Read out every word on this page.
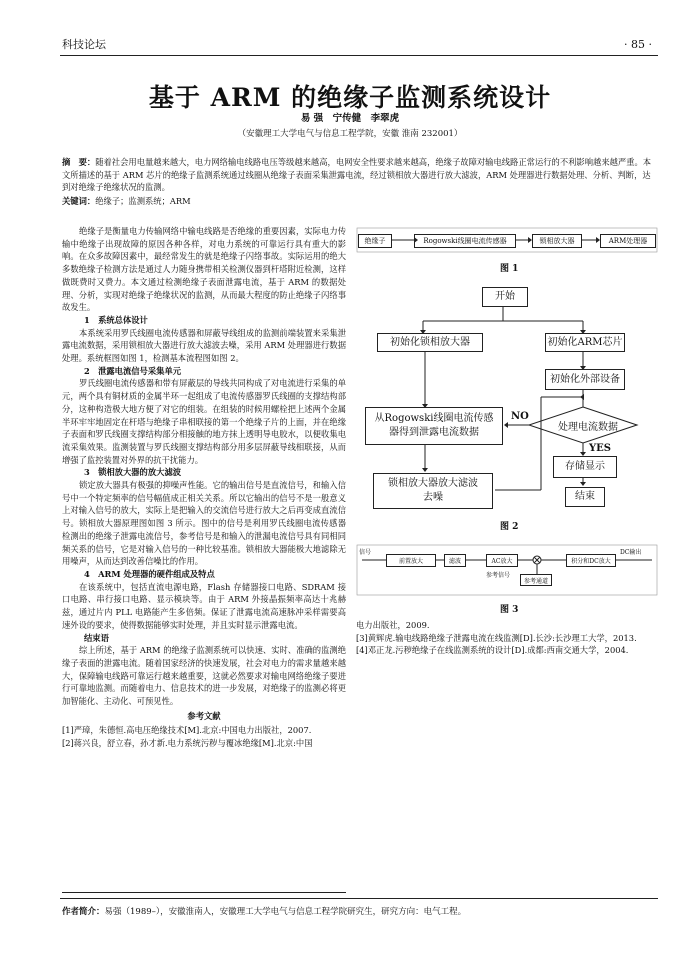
科技论坛	· 85 ·
基于 ARM 的绝缘子监测系统设计
易 强　宁传健　李翠虎
（安徽理工大学电气与信息工程学院，安徽 淮南 232001）
摘　要：随着社会用电量越来越大，电力网络输电线路电压等级越来越高，电网安全性要求越来越高，绝缘子故障对输电线路正常运行的不利影响越来越严重。本文所描述的基于 ARM 芯片的绝缘子监测系统通过线圈从绝缘子表面采集泄露电流，经过锁相放大器进行放大滤波，ARM 处理器进行数据处理、分析、判断，达到对绝缘子绝缘状况的监测。
关键词：绝缘子；监测系统；ARM

绝缘子是衡量电力传输网络中输电线路是否绝缘的重要因素，实际电力传输中绝缘子出现故障的原因各种各样，对电力系统的可靠运行具有重大的影响。在众多故障因素中，最经常发生的就是绝缘子闪络事故。实际运用的绝大多数绝缘子检测方法是通过人力随身携带相关检测仪器到杆塔附近检测，这样做既费时又费力。本文通过检测绝缘子表面泄露电流，基于 ARM 的数据处理、分析，实现对绝缘子绝缘状况的监测，从而最大程度的防止绝缘子闪络事故发生。

1　系统总体设计

本系统采用罗氏线圈电流传感器和屏蔽导线组成的监测前端装置来采集泄露电流数据，采用锁相放大器进行放大滤波去噪，采用 ARM 处理器进行数据处理。系统框图如图 1，检测基本流程图如图 2。

2　泄露电流信号采集单元

罗氏线圈电流传感器和带有屏蔽层的导线共同构成了对电流进行采集的单元，两个具有铜材质的金属半环一起组成了电流传感器罗氏线圈的支撑结构部分，这种构造极大地方便了对它的组装。在组装的时候用螺栓把上述两个金属半环牢牢地固定在杆塔与绝缘子串相联接的第一个绝缘子片的上面，并在绝缘子表面和罗氏线圈支撑结构部分相接触的地方抹上透明导电胶水，以便收集电流采集效果。监测装置与罗氏线圈支撑结构部分用多层屏蔽导线相联接，从而增强了监控装置对外界的抗干扰能力。

3　锁相放大器的放大滤波

锁定放大器具有极强的抑噪声性能。它的输出信号是直流信号，和输入信号中一个特定频率的信号幅值成正相关关系。所以它输出的信号不是一般意义上对输入信号的放大，实际上是把输入的交流信号进行放大之后再变成直流信号。锁相放大器原理图如图 3 所示。图中的信号是利用罗氏线圈电流传感器检测出的绝缘子泄露电流信号，参考信号是和输入的泄漏电流信号具有同相同频关系的信号，它是对输入信号的一种比较基准。锁相放大器能极大地滤除无用噪声，从而达到改善信噪比的作用。

4　ARM 处理器的硬件组成及特点

在该系统中，包括直流电源电路，Flash 存储器接口电路、SDRAM 接口电路、串行接口电路、显示模块等。由于 ARM 外接晶振频率高达十兆赫兹，通过片内 PLL 电路能产生多倍频。保证了泄露电流高速脉冲采样需要高速外设的要求，使得数据能够实时处理，并且实时显示泄露电流。

结束语

综上所述，基于 ARM 的绝缘子监测系统可以快速、实时、准确的监测绝缘子表面的泄露电流。随着国家经济的快速发展，社会对电力的需求量越来越大，保障输电线路可靠运行越来越重要，这就必然要求对输电网络绝缘子要进行可靠地监测。而随着电力、信息技术的进一步发展，对绝缘子的监测必将更加智能化、主动化、可预见性。

参考文献

[1]严璋，朱德恒.高电压绝缘技术[M].北京:中国电力出版社，2007.

[2]蒋兴良，舒立春，孙才新.电力系统污秽与覆冰绝缘[M].北京:中国

绝缘子	Rogowski线圈电流传感器	锁相放大器	ARM处理器
图 1
开始
初始化锁相放大器	初始化ARM芯片
初始化外部设备
从Rogowski线圈电流传感器得到泄露电流数据	处理电流数据
NO
YES
存储显示
结束
锁相放大器放大滤波去噪
图 2
信号
前置放大	滤波	AC放大	积分和DC放大
DC输出
参考信号
参考通道
图 3

电力出版社，2009.

[3]黄辉虎.输电线路绝缘子泄露电流在线监测[D].长沙:长沙理工大学，2013.

[4]邓正龙.污秽绝缘子在线监测系统的设计[D].成都:西南交通大学，2004.

作者简介：易强（1989–），安徽淮南人，安徽理工大学电气与信息工程学院研究生，研究方向：电气工程。
